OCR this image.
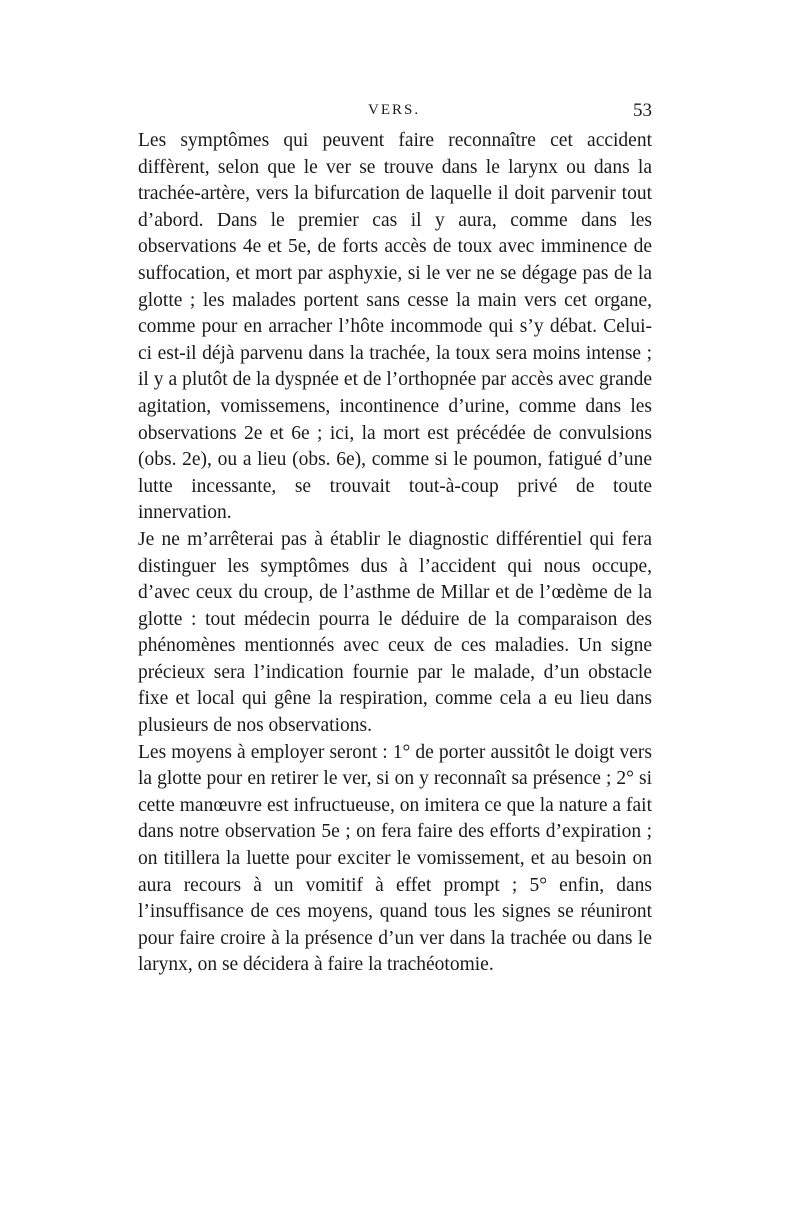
VERS.	53

Les symptômes qui peuvent faire reconnaître cet accident diffèrent, selon que le ver se trouve dans le larynx ou dans la trachée-artère, vers la bifurcation de laquelle il doit parvenir tout d’abord. Dans le premier cas il y aura, comme dans les observations 4e et 5e, de forts accès de toux avec imminence de suffocation, et mort par asphyxie, si le ver ne se dégage pas de la glotte ; les malades portent sans cesse la main vers cet organe, comme pour en arracher l’hôte incommode qui s’y débat. Celui-ci est-il déjà parvenu dans la trachée, la toux sera moins intense ; il y a plutôt de la dyspnée et de l’orthopnée par accès avec grande agitation, vomissemens, incontinence d’urine, comme dans les observations 2e et 6e ; ici, la mort est précédée de convulsions (obs. 2e), ou a lieu (obs. 6e), comme si le poumon, fatigué d’une lutte incessante, se trouvait tout-à-coup privé de toute innervation.

Je ne m’arrêterai pas à établir le diagnostic différentiel qui fera distinguer les symptômes dus à l’accident qui nous occupe, d’avec ceux du croup, de l’asthme de Millar et de l’œdème de la glotte : tout médecin pourra le déduire de la comparaison des phénomènes mentionnés avec ceux de ces maladies. Un signe précieux sera l’indication fournie par le malade, d’un obstacle fixe et local qui gêne la respiration, comme cela a eu lieu dans plusieurs de nos observations.

Les moyens à employer seront : 1° de porter aussitôt le doigt vers la glotte pour en retirer le ver, si on y reconnaît sa présence ; 2° si cette manœuvre est infructueuse, on imitera ce que la nature a fait dans notre observation 5e ; on fera faire des efforts d’expiration ; on titillera la luette pour exciter le vomissement, et au besoin on aura recours à un vomitif à effet prompt ; 5° enfin, dans l’insuffisance de ces moyens, quand tous les signes se réuniront pour faire croire à la présence d’un ver dans la trachée ou dans le larynx, on se décidera à faire la trachéotomie.
